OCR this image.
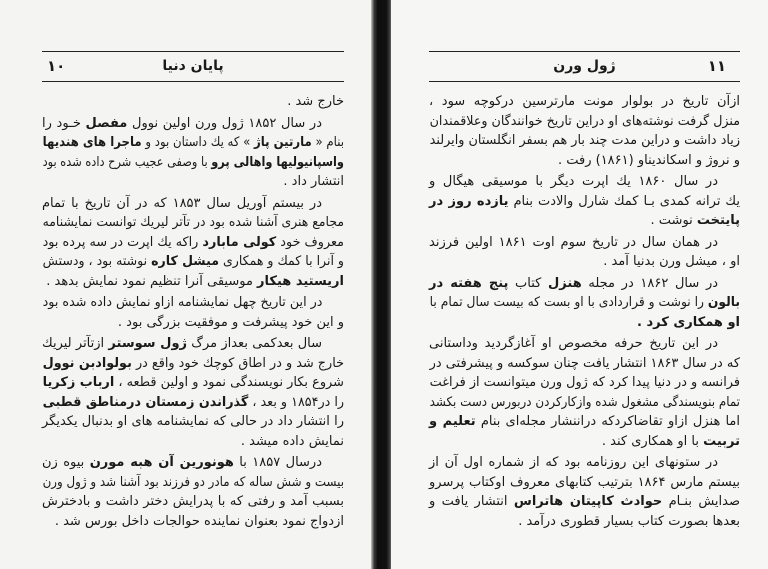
۱۰	پایان دنیا
خارج شد .
در سال ۱۸۵۲ ژول ورن اولین نوول مفصل خـود را
بنام « مارتین پاژ » که یك داستان بود و ماجرا های هندیها
واسپانیولیها واهالی پرو با وصفی عجیب شرح داده شده بود
انتشار داد .
در بیستم آوریل سال ۱۸۵۳ که در آن تاریخ با تمام
مجامع هنری آشنا شده بود در تآتر لیریك توانست نمایشنامه
معروف خود کولی مابارد راکه یك اپرت در سه پرده بود
و آنرا با کمك و همکاری میشل کاره نوشته بود ، ودستش
اریستید هیکار موسیقی آنرا تنظیم نمود نمایش بدهد .
در این تاریخ چهل نمایشنامه ازاو نمایش داده شده بود
و این خود پیشرفت و موفقیت بزرگی بود .
سال بعدکمی بعداز مرگ ژول سوستر ازتآتر لیریك
خارج شد و در اطاق کوچك خود واقع در بولوادبن نوول
شروع بکار نویسندگی نمود و اولین قطعه ، ارباب زکریا
را در۱۸۵۴ و بعد ، گذراندن زمستان درمناطق قطبی
را انتشار داد در حالی که نمایشنامه های او بدنبال یکدیگر
نمایش داده میشد .
درسال ۱۸۵۷ با هونورین آن هبه مورن بیوه زن
بیست و شش ساله که مادر دو فرزند بود آشنا شد و ژول ورن
بسبب آمد و رفتی که با پدرایش دختر داشت و بادخترش
ازدواج نمود بعنوان نماینده حوالجات داخل بورس شد .
۱۱
ژول ورن
ازآن تاریخ در بولوار مونت مارترسین درکوچه سود ،
منزل گرفت نوشته‌های او دراین تاریخ خوانندگان وعلاقمندان
زیاد داشت و دراین مدت چند بار هم بسفر انگلستان وایرلند
و نروژ و اسکاندیناو (۱۸۶۱) رفت .
در سال ۱۸۶۰ یك اپرت دیگر با موسیقی هیگال و
یك ترانه کمدی بـا کمك شارل والادت بنام یازده روز در
پایتخت نوشت .
در همان سال در تاریخ سوم اوت ۱۸۶۱ اولین فرزند
او ، میشل ورن بدنیا آمد .
در سال ۱۸۶۲ در مجله هنزل کتاب پنج هفته در
بالون را نوشت و قراردادی با او بست که بیست سال تمام با
او همکاری کرد .
در این تاریخ حرفه مخصوص او آغازگردید وداستانی
که در سال ۱۸۶۳ انتشار یافت چنان سوکسه و پیشرفتی در
فرانسه و در دنیا پیدا کرد که ژول ورن میتوانست از فراغت
تمام بنویسندگی مشغول شده وازکارکردن دربورس دست بکشد
اما هنزل ازاو تقاضاکردکه دراننشار مجله‌ای بنام تعلیم و
تربیت با او همکاری کند .
در ستونهای این روزنامه بود که از شماره اول آن از
بیستم مارس ۱۸۶۴ بترتیب کتابهای معروف اوکتاب پرسرو
صدایش بنـام حوادث کاپیتان هاتراس انتشار یافت و
بعدها بصورت کتاب بسیار قطوری درآمد .
